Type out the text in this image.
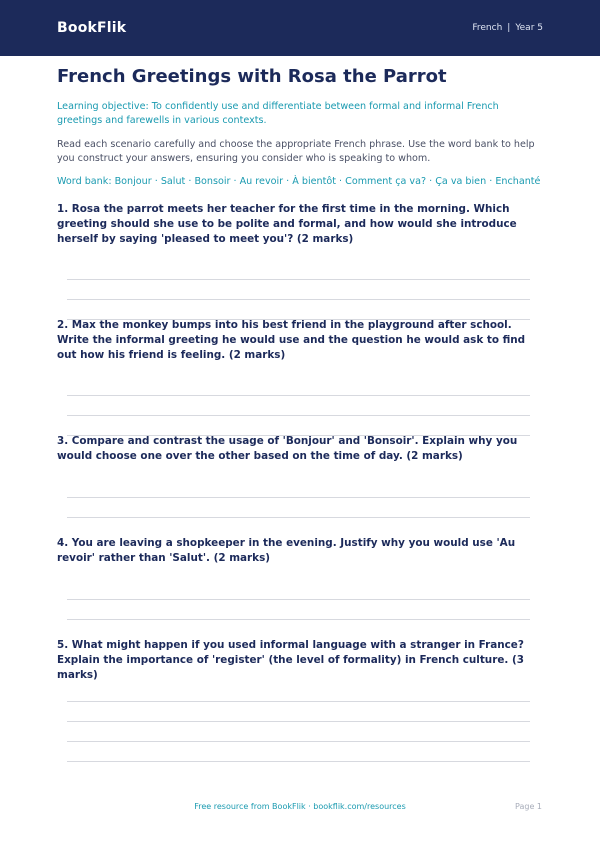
BookFlik	French | Year 5
French Greetings with Rosa the Parrot

Learning objective: To confidently use and differentiate between formal and informal French greetings and farewells in various contexts.

Read each scenario carefully and choose the appropriate French phrase. Use the word bank to help you construct your answers, ensuring you consider who is speaking to whom.

Word bank: Bonjour · Salut · Bonsoir · Au revoir · À bientôt · Comment ça va? · Ça va bien · Enchanté

1. Rosa the parrot meets her teacher for the first time in the morning. Which greeting should she use to be polite and formal, and how would she introduce herself by saying 'pleased to meet you'? (2 marks)

2. Max the monkey bumps into his best friend in the playground after school. Write the informal greeting he would use and the question he would ask to find out how his friend is feeling. (2 marks)

3. Compare and contrast the usage of 'Bonjour' and 'Bonsoir'. Explain why you would choose one over the other based on the time of day. (2 marks)

4. You are leaving a shopkeeper in the evening. Justify why you would use 'Au revoir' rather than 'Salut'. (2 marks)

5. What might happen if you used informal language with a stranger in France? Explain the importance of 'register' (the level of formality) in French culture. (3 marks)

Free resource from BookFlik · bookflik.com/resources	Page 1
